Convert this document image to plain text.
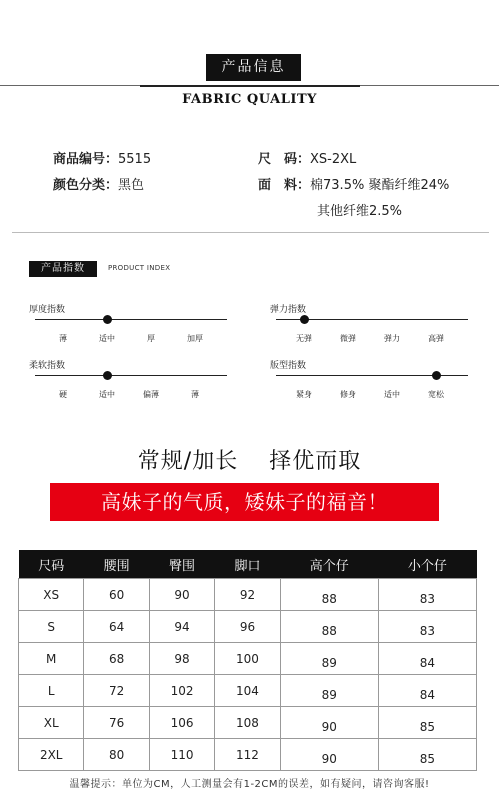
产品信息
FABRIC QUALITY
商品编号：5515
颜色分类：黑色
尺　码：XS-2XL
面　料：棉73.5% 聚酯纤维24%
其他纤维2.5%
产品指数	PRODUCT INDEX
厚度指数
薄	适中	厚	加厚
弹力指数
无弹	微弹	弹力	高弹
柔软指数
硬	适中	偏薄	薄
版型指数
紧身	修身	适中	宽松
常规/加长　 择优而取
高妹子的气质，矮妹子的福音！
尺码	腰围	臀围	脚口	高个仔	小个仔
XS	60	90	92	88	83
S	64	94	96	88	83
M	68	98	100	89	84
L	72	102	104	89	84
XL	76	106	108	90	85
2XL	80	110	112	90	85
温馨提示：单位为CM，人工测量会有1-2CM的误差，如有疑问，请咨询客服!
